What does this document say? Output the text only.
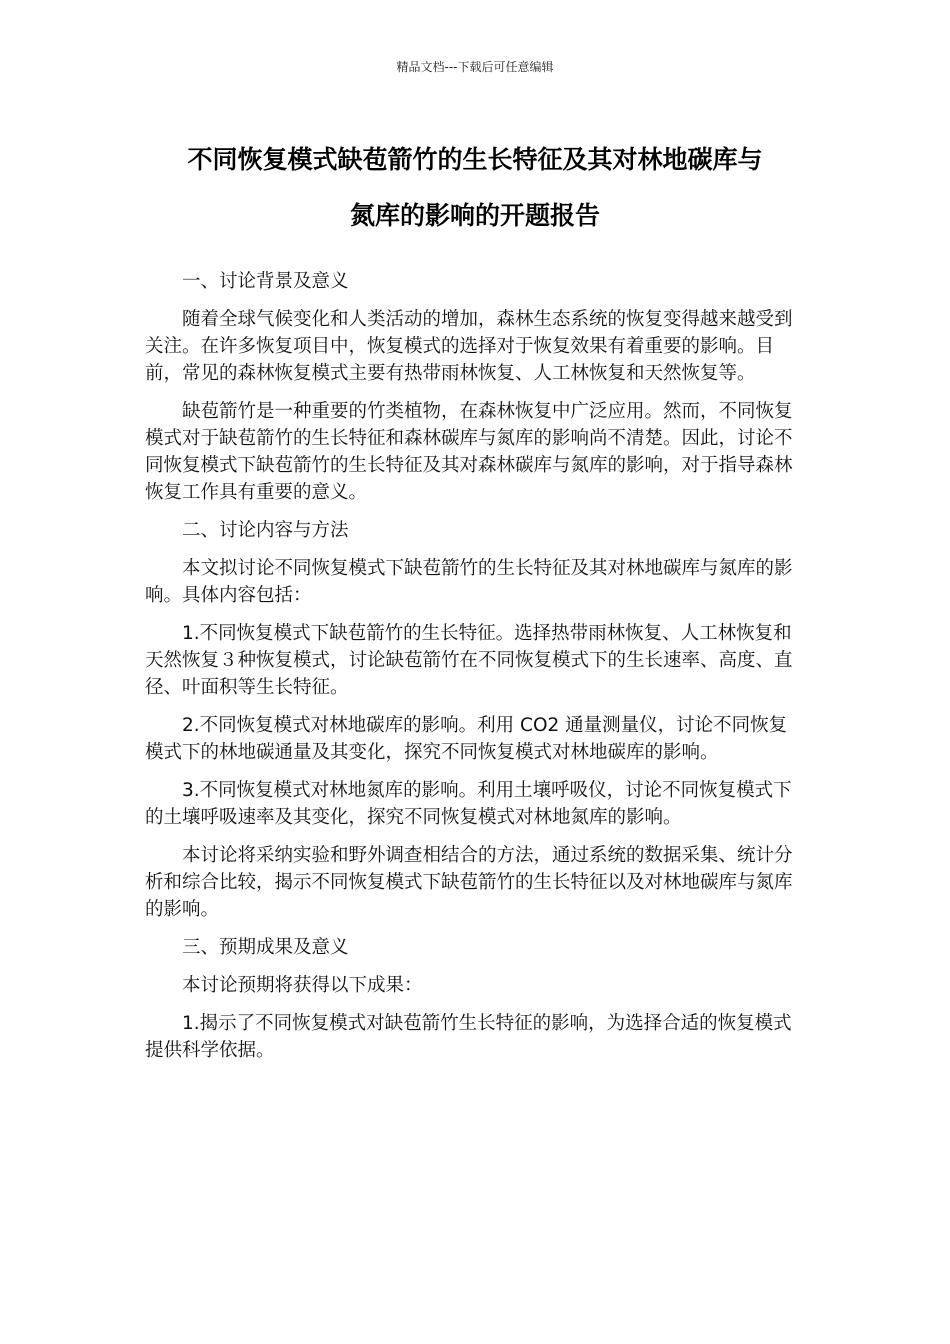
精品文档---下载后可任意编辑
不同恢复模式缺苞箭竹的生长特征及其对林地碳库与
氮库的影响的开题报告

一、讨论背景及意义

随着全球气候变化和人类活动的增加，森林生态系统的恢复变得越来越受到关注。在许多恢复项目中，恢复模式的选择对于恢复效果有着重要的影响。目前，常见的森林恢复模式主要有热带雨林恢复、人工林恢复和天然恢复等。

缺苞箭竹是一种重要的竹类植物，在森林恢复中广泛应用。然而，不同恢复模式对于缺苞箭竹的生长特征和森林碳库与氮库的影响尚不清楚。因此，讨论不同恢复模式下缺苞箭竹的生长特征及其对森林碳库与氮库的影响，对于指导森林恢复工作具有重要的意义。

二、讨论内容与方法

本文拟讨论不同恢复模式下缺苞箭竹的生长特征及其对林地碳库与氮库的影响。具体内容包括：

1.不同恢复模式下缺苞箭竹的生长特征。选择热带雨林恢复、人工林恢复和天然恢复３种恢复模式，讨论缺苞箭竹在不同恢复模式下的生长速率、高度、直径、叶面积等生长特征。

2.不同恢复模式对林地碳库的影响。利用 CO2 通量测量仪，讨论不同恢复模式下的林地碳通量及其变化，探究不同恢复模式对林地碳库的影响。

3.不同恢复模式对林地氮库的影响。利用土壤呼吸仪，讨论不同恢复模式下的土壤呼吸速率及其变化，探究不同恢复模式对林地氮库的影响。

本讨论将采纳实验和野外调查相结合的方法，通过系统的数据采集、统计分析和综合比较，揭示不同恢复模式下缺苞箭竹的生长特征以及对林地碳库与氮库的影响。

三、预期成果及意义

本讨论预期将获得以下成果：

1.揭示了不同恢复模式对缺苞箭竹生长特征的影响，为选择合适的恢复模式提供科学依据。
